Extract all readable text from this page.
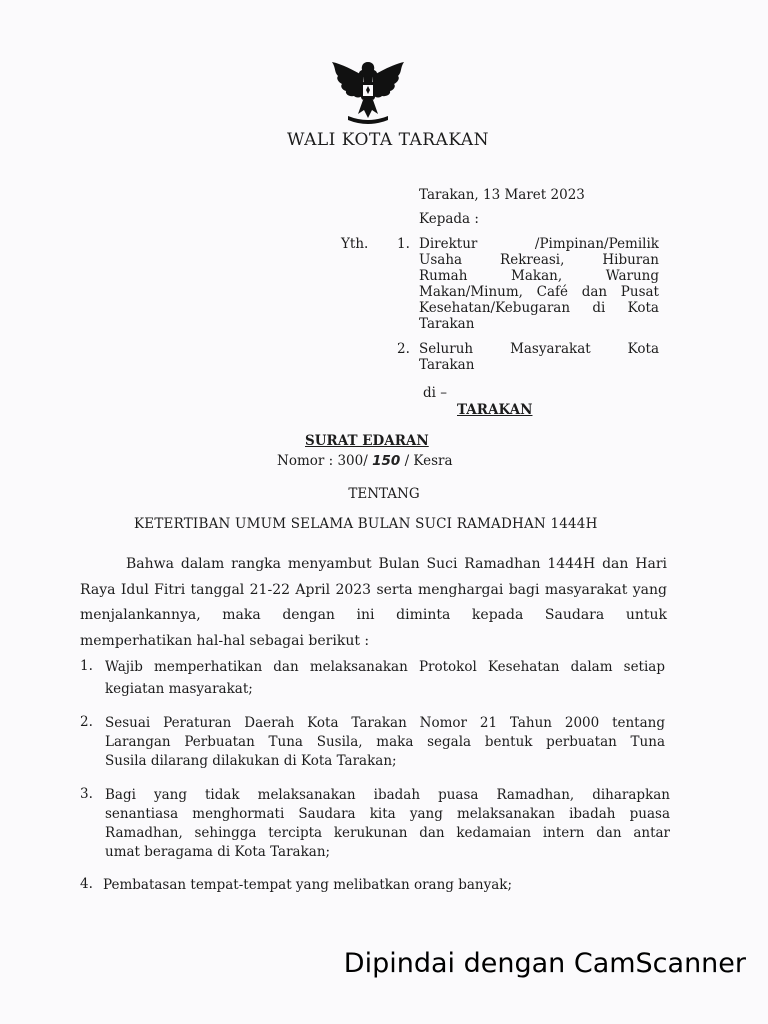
WALI KOTA TARAKAN
Tarakan, 13 Maret 2023
Kepada :
Yth. 1. Direktur /Pimpinan/Pemilik
Usaha Rekreasi, Hiburan
Rumah Makan, Warung
Makan/Minum, Café dan Pusat
Kesehatan/Kebugaran di Kota
Tarakan
2. Seluruh Masyarakat Kota
Tarakan
di –
TARAKAN
SURAT EDARAN
Nomor : 300/ 150 / Kesra
TENTANG
KETERTIBAN UMUM SELAMA BULAN SUCI RAMADHAN 1444H
Bahwa dalam rangka menyambut Bulan Suci Ramadhan 1444H dan Hari
Raya Idul Fitri tanggal 21-22 April 2023 serta menghargai bagi masyarakat yang
menjalankannya, maka dengan ini diminta kepada Saudara untuk
memperhatikan hal-hal sebagai berikut :
1. Wajib memperhatikan dan melaksanakan Protokol Kesehatan dalam setiap
kegiatan masyarakat;
2. Sesuai Peraturan Daerah Kota Tarakan Nomor 21 Tahun 2000 tentang
Larangan Perbuatan Tuna Susila, maka segala bentuk perbuatan Tuna
Susila dilarang dilakukan di Kota Tarakan;
3. Bagi yang tidak melaksanakan ibadah puasa Ramadhan, diharapkan
senantiasa menghormati Saudara kita yang melaksanakan ibadah puasa
Ramadhan, sehingga tercipta kerukunan dan kedamaian intern dan antar
umat beragama di Kota Tarakan;
4. Pembatasan tempat-tempat yang melibatkan orang banyak;
Dipindai dengan CamScanner
